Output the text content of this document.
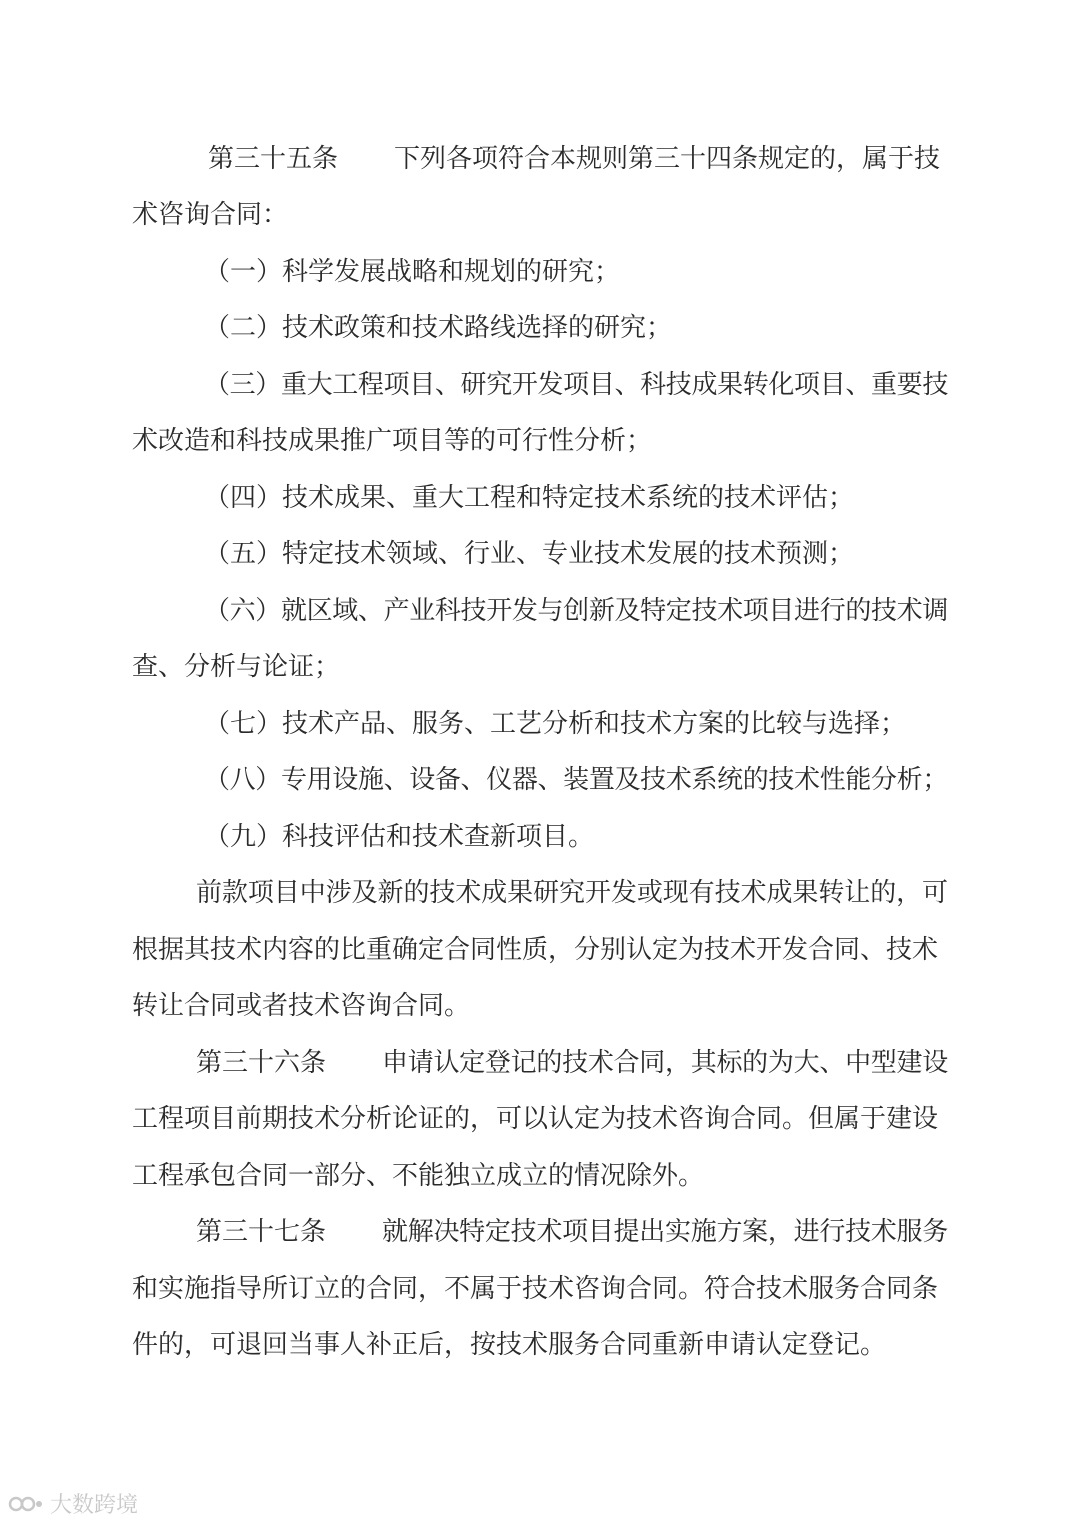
第三十五条 下列各项符合本规则第三十四条规定的，属于技
术咨询合同：
（一）科学发展战略和规划的研究；
（二）技术政策和技术路线选择的研究；
（三）重大工程项目、研究开发项目、科技成果转化项目、重要技
术改造和科技成果推广项目等的可行性分析；
（四）技术成果、重大工程和特定技术系统的技术评估；
（五）特定技术领域、行业、专业技术发展的技术预测；
（六）就区域、产业科技开发与创新及特定技术项目进行的技术调
查、分析与论证；
（七）技术产品、服务、工艺分析和技术方案的比较与选择；
（八）专用设施、设备、仪器、装置及技术系统的技术性能分析；
（九）科技评估和技术查新项目。
前款项目中涉及新的技术成果研究开发或现有技术成果转让的，可
根据其技术内容的比重确定合同性质，分别认定为技术开发合同、技术
转让合同或者技术咨询合同。
第三十六条 申请认定登记的技术合同，其标的为大、中型建设
工程项目前期技术分析论证的，可以认定为技术咨询合同。但属于建设
工程承包合同一部分、不能独立成立的情况除外。
第三十七条 就解决特定技术项目提出实施方案，进行技术服务
和实施指导所订立的合同，不属于技术咨询合同。符合技术服务合同条
件的，可退回当事人补正后，按技术服务合同重新申请认定登记。
大数跨境
